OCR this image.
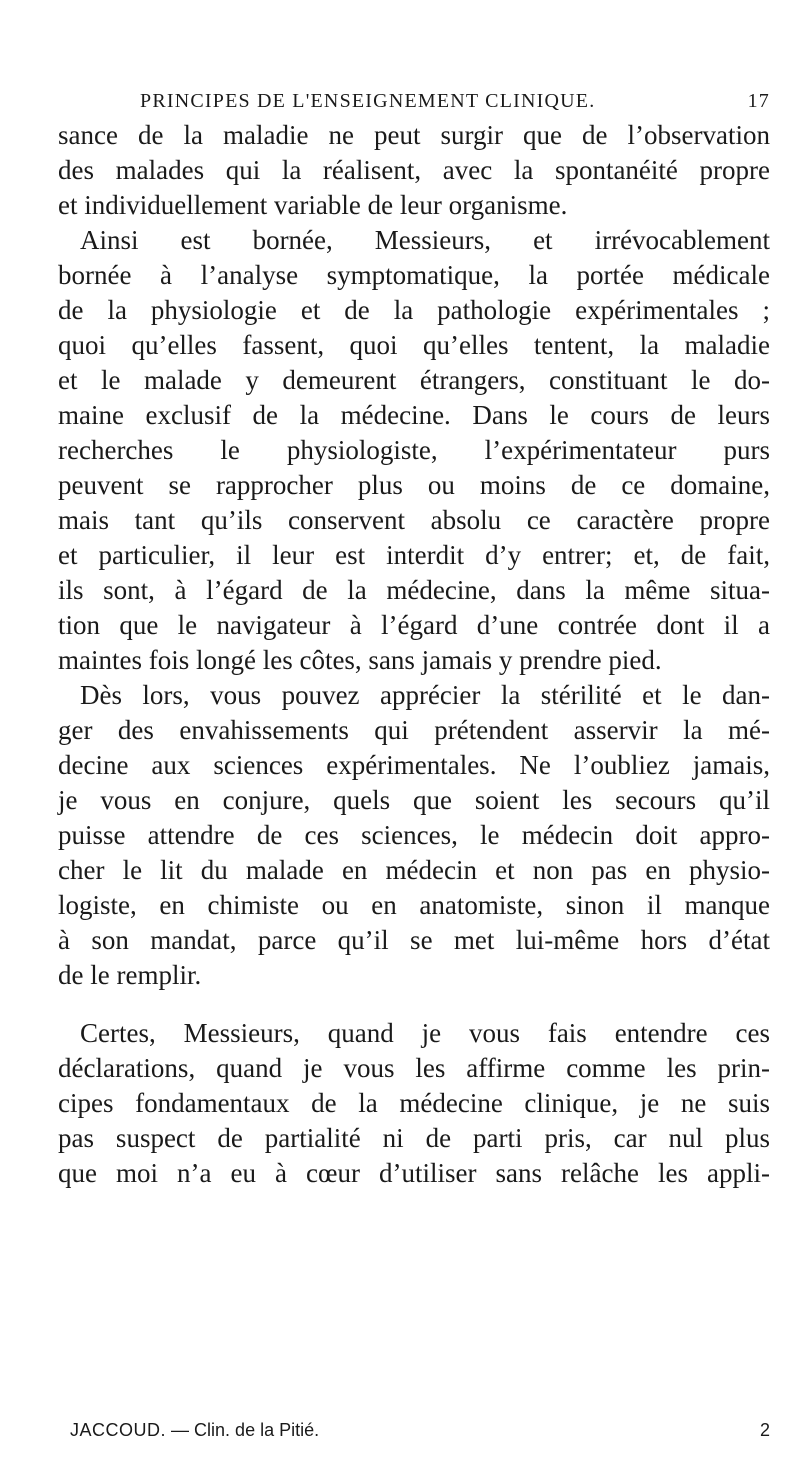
PRINCIPES DE L'ENSEIGNEMENT CLINIQUE.	17
sance de la maladie ne peut surgir que de l’observation
des malades qui la réalisent, avec la spontanéité propre
et individuellement variable de leur organisme.
Ainsi est bornée, Messieurs, et irrévocablement
bornée à l’analyse symptomatique, la portée médicale
de la physiologie et de la pathologie expérimentales ;
quoi qu’elles fassent, quoi qu’elles tentent, la maladie
et le malade y demeurent étrangers, constituant le do-
maine exclusif de la médecine. Dans le cours de leurs
recherches le physiologiste, l’expérimentateur purs
peuvent se rapprocher plus ou moins de ce domaine,
mais tant qu’ils conservent absolu ce caractère propre
et particulier, il leur est interdit d’y entrer; et, de fait,
ils sont, à l’égard de la médecine, dans la même situa-
tion que le navigateur à l’égard d’une contrée dont il a
maintes fois longé les côtes, sans jamais y prendre pied.
Dès lors, vous pouvez apprécier la stérilité et le dan-
ger des envahissements qui prétendent asservir la mé-
decine aux sciences expérimentales. Ne l’oubliez jamais,
je vous en conjure, quels que soient les secours qu’il
puisse attendre de ces sciences, le médecin doit appro-
cher le lit du malade en médecin et non pas en physio-
logiste, en chimiste ou en anatomiste, sinon il manque
à son mandat, parce qu’il se met lui-même hors d’état
de le remplir.
Certes, Messieurs, quand je vous fais entendre ces
déclarations, quand je vous les affirme comme les prin-
cipes fondamentaux de la médecine clinique, je ne suis
pas suspect de partialité ni de parti pris, car nul plus
que moi n’a eu à cœur d’utiliser sans relâche les appli-
JACCOUD. — Clin. de la Pitié.	2
